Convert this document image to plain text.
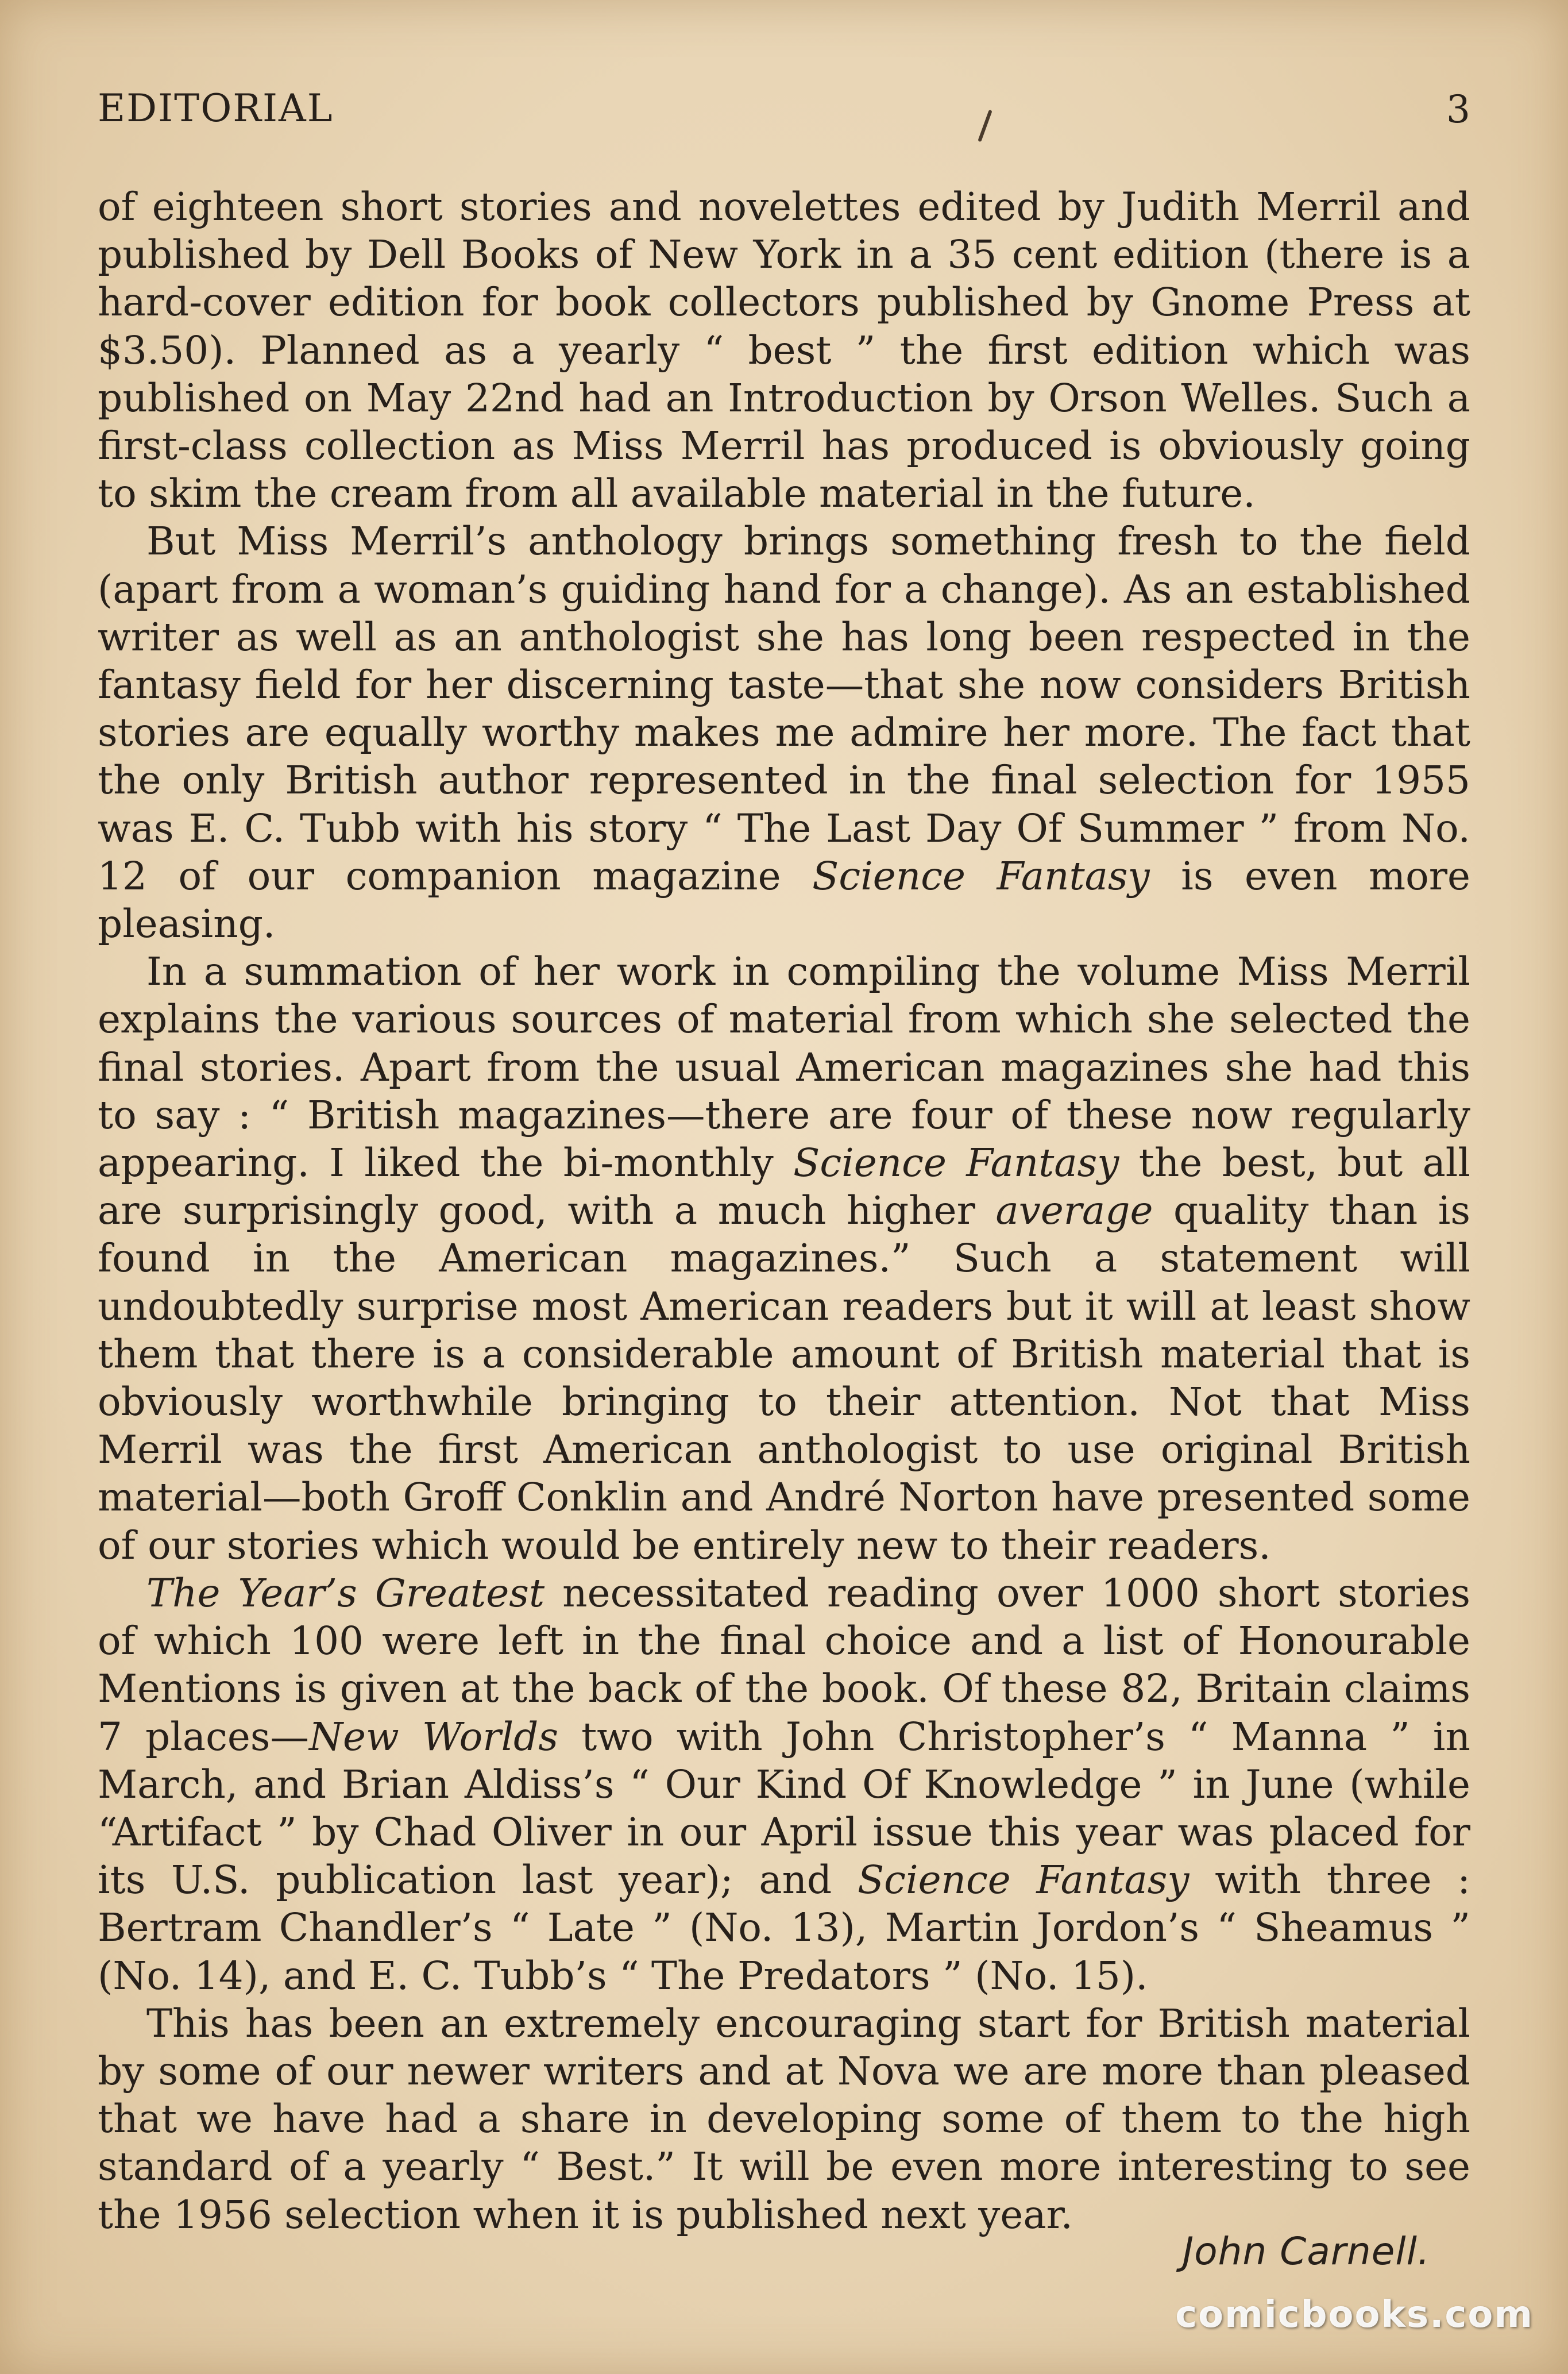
EDITORIAL	3

of eighteen short stories and novelettes edited by Judith Merril and published by Dell Books of New York in a 35 cent edition (there is a hard-cover edition for book collectors published by Gnome Press at $3.50). Planned as a yearly “ best ” the first edition which was published on May 22nd had an Introduction by Orson Welles. Such a first-class collection as Miss Merril has produced is obviously going to skim the cream from all available material in the future.

But Miss Merril’s anthology brings something fresh to the field (apart from a woman’s guiding hand for a change). As an established writer as well as an anthologist she has long been respected in the fantasy field for her discerning taste—that she now considers British stories are equally worthy makes me admire her more. The fact that the only British author represented in the final selection for 1955 was E. C. Tubb with his story “ The Last Day Of Summer ” from No. 12 of our companion magazine Science Fantasy is even more pleasing.

In a summation of her work in compiling the volume Miss Merril explains the various sources of material from which she selected the final stories. Apart from the usual American magazines she had this to say : “ British magazines—there are four of these now regularly appearing. I liked the bi-monthly Science Fantasy the best, but all are surprisingly good, with a much higher average quality than is found in the American magazines.” Such a statement will undoubtedly surprise most American readers but it will at least show them that there is a considerable amount of British material that is obviously worthwhile bringing to their attention. Not that Miss Merril was the first American anthologist to use original British material—both Groff Conklin and André Norton have presented some of our stories which would be entirely new to their readers.

The Year’s Greatest necessitated reading over 1000 short stories of which 100 were left in the final choice and a list of Honourable Mentions is given at the back of the book. Of these 82, Britain claims 7 places—New Worlds two with John Christopher’s “ Manna ” in March, and Brian Aldiss’s “ Our Kind Of Knowledge ” in June (while “Artifact ” by Chad Oliver in our April issue this year was placed for its U.S. publication last year); and Science Fantasy with three : Bertram Chandler’s “ Late ” (No. 13), Martin Jordon’s “ Sheamus ” (No. 14), and E. C. Tubb’s “ The Predators ” (No. 15).

This has been an extremely encouraging start for British material by some of our newer writers and at Nova we are more than pleased that we have had a share in developing some of them to the high standard of a yearly “ Best.” It will be even more interesting to see the 1956 selection when it is published next year.

John Carnell.
comicbooks.com
